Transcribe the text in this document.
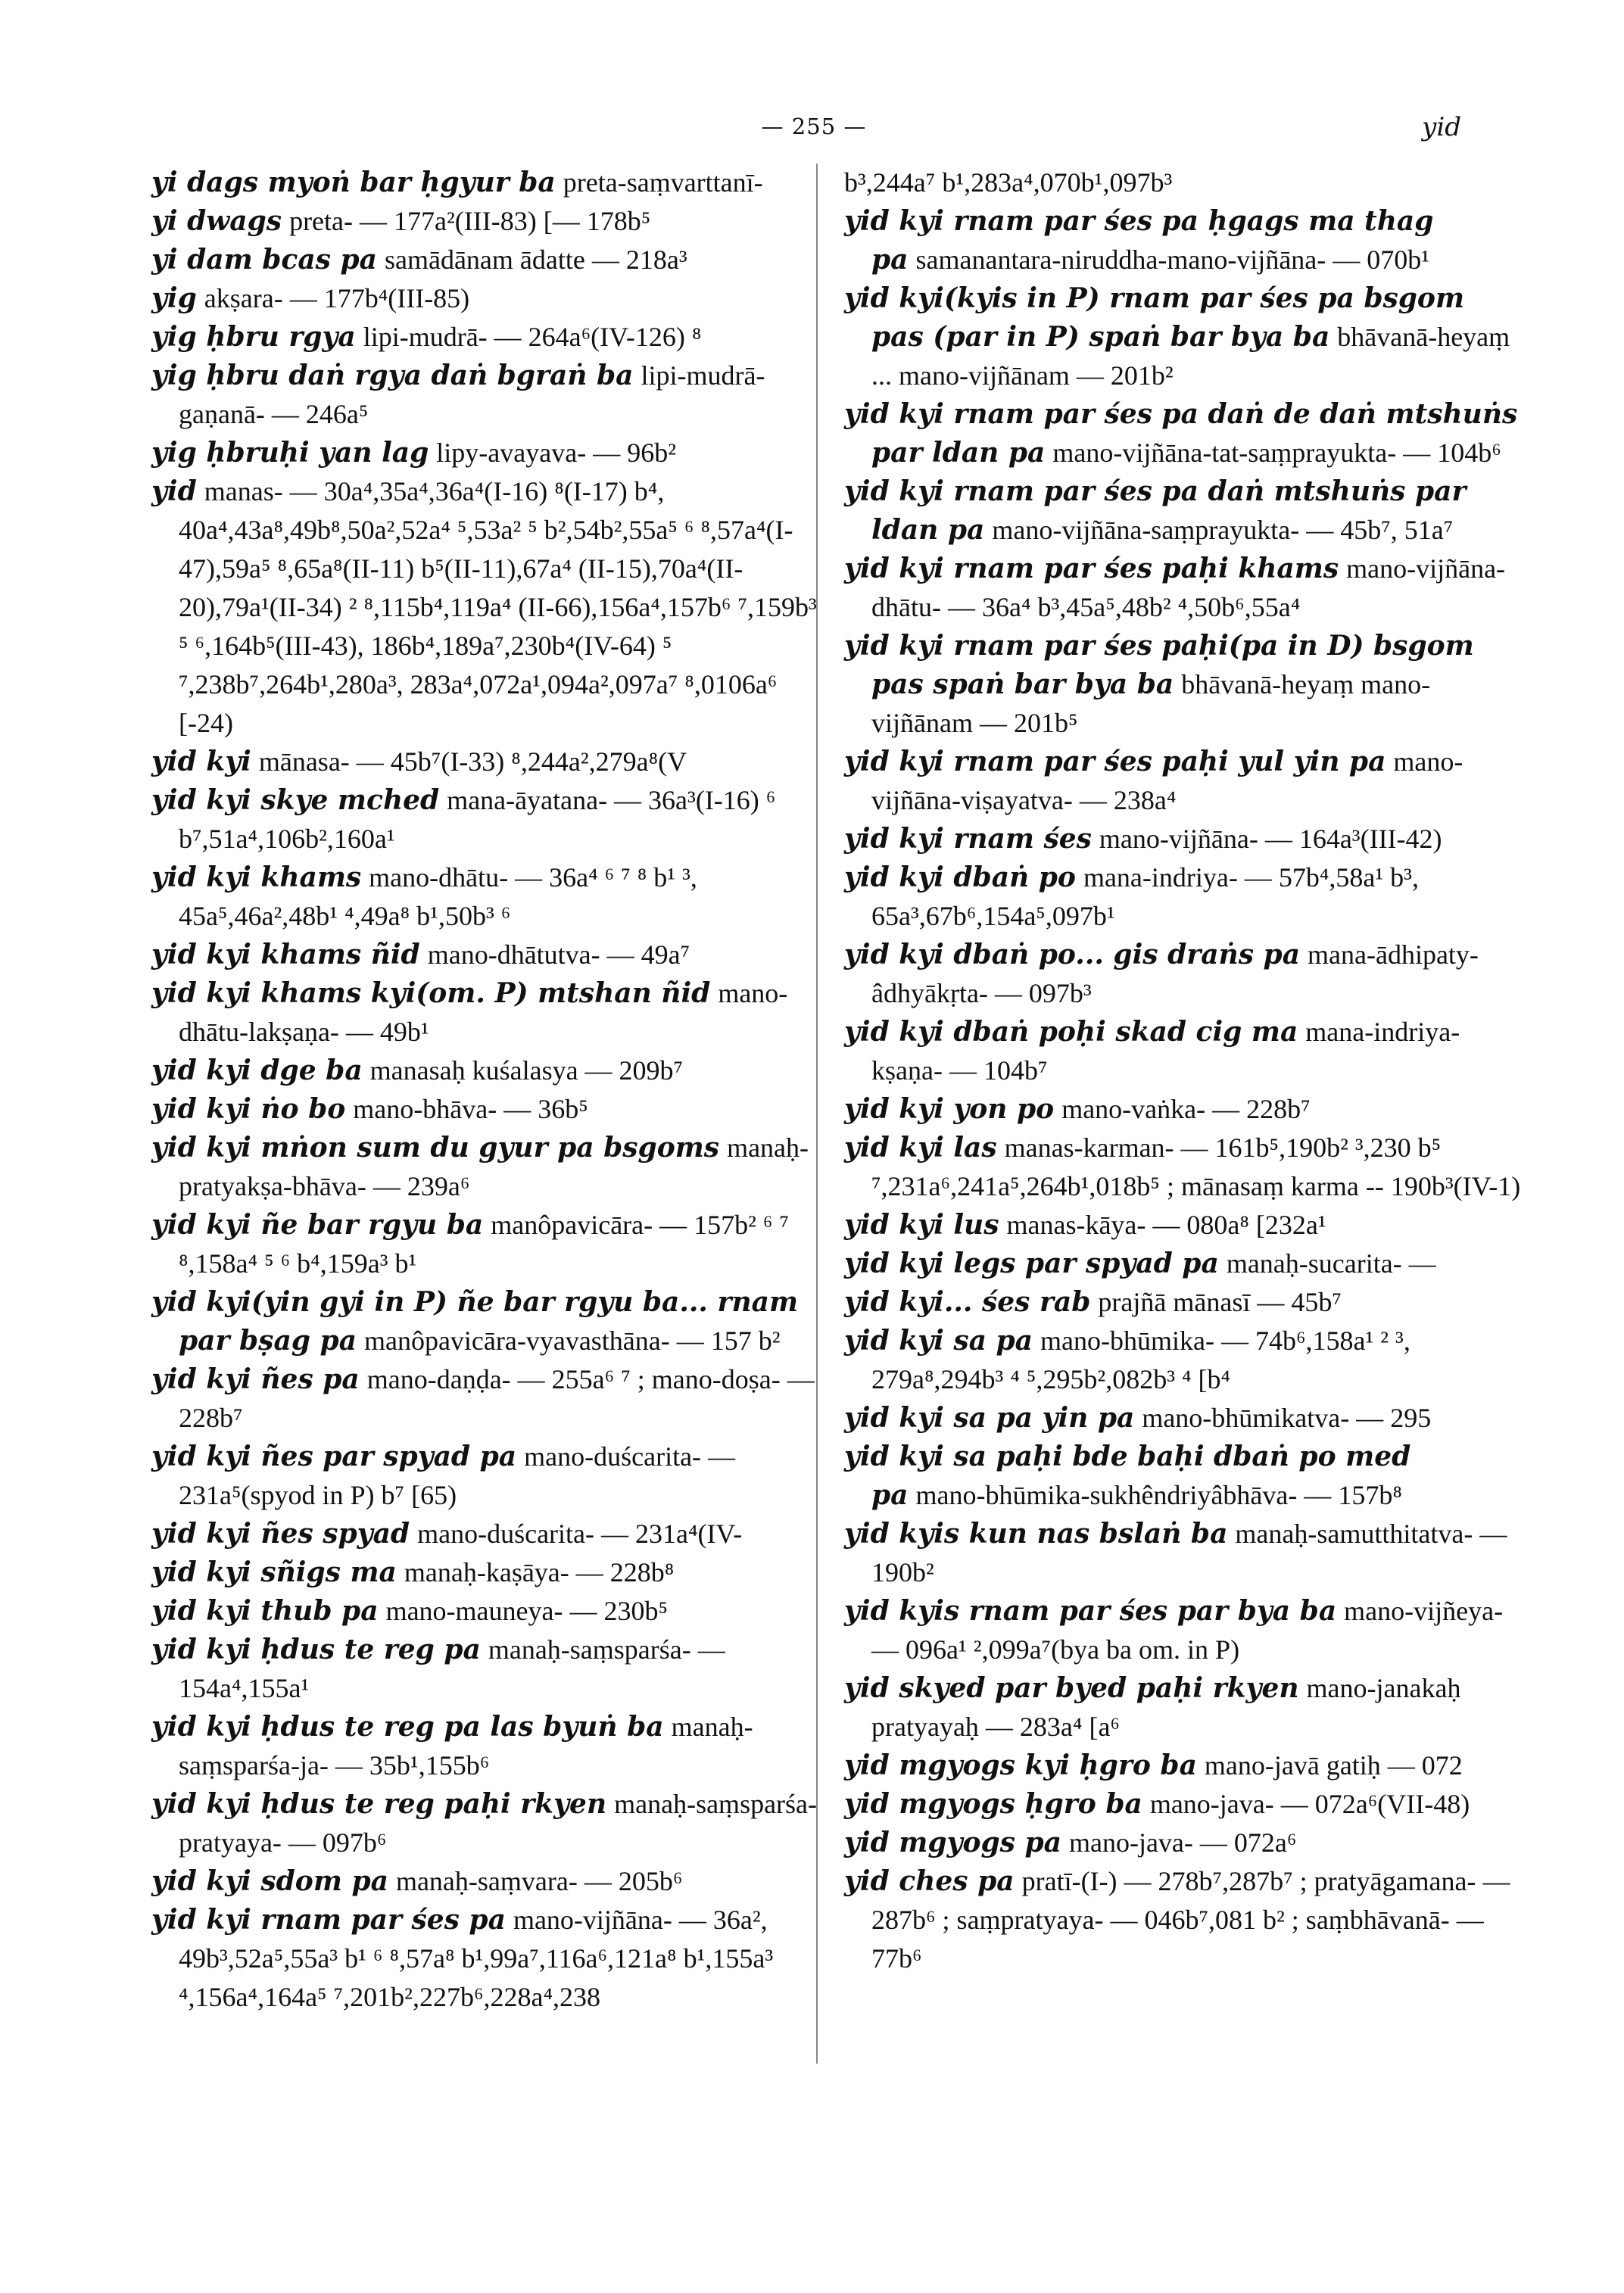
— 255 —	yid

yi dags myoṅ bar ḥgyur ba preta-saṃvarttanī-

yi dwags preta- — 177a²(III-83) [— 178b⁵

yi dam bcas pa samādānam ādatte — 218a³

yig akṣara- — 177b⁴(III-85)

yig ḥbru rgya lipi-mudrā- — 264a⁶(IV-126) ⁸

yig ḥbru daṅ rgya daṅ bgraṅ ba lipi-mudrā-gaṇanā- — 246a⁵

yig ḥbruḥi yan lag lipy-avayava- — 96b²

yid manas- — 30a⁴,35a⁴,36a⁴(I-16) ⁸(I-17) b⁴, 40a⁴,43a⁸,49b⁸,50a²,52a⁴ ⁵,53a² ⁵ b²,54b²,55a⁵ ⁶ ⁸,57a⁴(I-47),59a⁵ ⁸,65a⁸(II-11) b⁵(II-11),67a⁴ (II-15),70a⁴(II-20),79a¹(II-34) ² ⁸,115b⁴,119a⁴ (II-66),156a⁴,157b⁶ ⁷,159b³ ⁵ ⁶,164b⁵(III-43), 186b⁴,189a⁷,230b⁴(IV-64) ⁵ ⁷,238b⁷,264b¹,280a³, 283a⁴,072a¹,094a²,097a⁷ ⁸,0106a⁶ [-24)

yid kyi mānasa- — 45b⁷(I-33) ⁸,244a²,279a⁸(V

yid kyi skye mched mana-āyatana- — 36a³(I-16) ⁶ b⁷,51a⁴,106b²,160a¹

yid kyi khams mano-dhātu- — 36a⁴ ⁶ ⁷ ⁸ b¹ ³, 45a⁵,46a²,48b¹ ⁴,49a⁸ b¹,50b³ ⁶

yid kyi khams ñid mano-dhātutva- — 49a⁷

yid kyi khams kyi(om. P) mtshan ñid mano-dhātu-lakṣaṇa- — 49b¹

yid kyi dge ba manasaḥ kuśalasya — 209b⁷

yid kyi ṅo bo mano-bhāva- — 36b⁵

yid kyi mṅon sum du gyur pa bsgoms manaḥ-pratyakṣa-bhāva- — 239a⁶

yid kyi ñe bar rgyu ba manôpavicāra- — 157b² ⁶ ⁷ ⁸,158a⁴ ⁵ ⁶ b⁴,159a³ b¹

yid kyi(yin gyi in P) ñe bar rgyu ba... rnam par bṣag pa manôpavicāra-vyavasthāna- — 157 b²

yid kyi ñes pa mano-daṇḍa- — 255a⁶ ⁷ ; mano-doṣa- — 228b⁷

yid kyi ñes par spyad pa mano-duścarita- — 231a⁵(spyod in P) b⁷ [65)

yid kyi ñes spyad mano-duścarita- — 231a⁴(IV-

yid kyi sñigs ma manaḥ-kaṣāya- — 228b⁸

yid kyi thub pa mano-mauneya- — 230b⁵

yid kyi ḥdus te reg pa manaḥ-saṃsparśa- — 154a⁴,155a¹

yid kyi ḥdus te reg pa las byuṅ ba manaḥ-saṃsparśa-ja- — 35b¹,155b⁶

yid kyi ḥdus te reg paḥi rkyen manaḥ-saṃsparśa-pratyaya- — 097b⁶

yid kyi sdom pa manaḥ-saṃvara- — 205b⁶

yid kyi rnam par śes pa mano-vijñāna- — 36a², 49b³,52a⁵,55a³ b¹ ⁶ ⁸,57a⁸ b¹,99a⁷,116a⁶,121a⁸ b¹,155a³ ⁴,156a⁴,164a⁵ ⁷,201b²,227b⁶,228a⁴,238

b³,244a⁷ b¹,283a⁴,070b¹,097b³

yid kyi rnam par śes pa ḥgags ma thag pa samanantara-niruddha-mano-vijñāna- — 070b¹

yid kyi(kyis in P) rnam par śes pa bsgom pas (par in P) spaṅ bar bya ba bhāvanā-heyaṃ ... mano-vijñānam — 201b²

yid kyi rnam par śes pa daṅ de daṅ mtshuṅs par ldan pa mano-vijñāna-tat-saṃprayukta- — 104b⁶

yid kyi rnam par śes pa daṅ mtshuṅs par ldan pa mano-vijñāna-saṃprayukta- — 45b⁷, 51a⁷

yid kyi rnam par śes paḥi khams mano-vijñāna-dhātu- — 36a⁴ b³,45a⁵,48b² ⁴,50b⁶,55a⁴

yid kyi rnam par śes paḥi(pa in D) bsgom pas spaṅ bar bya ba bhāvanā-heyaṃ mano-vijñānam — 201b⁵

yid kyi rnam par śes paḥi yul yin pa mano-vijñāna-viṣayatva- — 238a⁴

yid kyi rnam śes mano-vijñāna- — 164a³(III-42)

yid kyi dbaṅ po mana-indriya- — 57b⁴,58a¹ b³, 65a³,67b⁶,154a⁵,097b¹

yid kyi dbaṅ po... gis draṅs pa mana-ādhipaty-âdhyākṛta- — 097b³

yid kyi dbaṅ poḥi skad cig ma mana-indriya-kṣaṇa- — 104b⁷

yid kyi yon po mano-vaṅka- — 228b⁷

yid kyi las manas-karman- — 161b⁵,190b² ³,230 b⁵ ⁷,231a⁶,241a⁵,264b¹,018b⁵ ; mānasaṃ karma -- 190b³(IV-1)

yid kyi lus manas-kāya- — 080a⁸ [232a¹

yid kyi legs par spyad pa manaḥ-sucarita- —

yid kyi... śes rab prajñā mānasī — 45b⁷

yid kyi sa pa mano-bhūmika- — 74b⁶,158a¹ ² ³, 279a⁸,294b³ ⁴ ⁵,295b²,082b³ ⁴ [b⁴

yid kyi sa pa yin pa mano-bhūmikatva- — 295

yid kyi sa paḥi bde baḥi dbaṅ po med pa mano-bhūmika-sukhêndriyâbhāva- — 157b⁸

yid kyis kun nas bslaṅ ba manaḥ-samutthitatva- — 190b²

yid kyis rnam par śes par bya ba mano-vijñeya- — 096a¹ ²,099a⁷(bya ba om. in P)

yid skyed par byed paḥi rkyen mano-janakaḥ pratyayaḥ — 283a⁴ [a⁶

yid mgyogs kyi ḥgro ba mano-javā gatiḥ — 072

yid mgyogs ḥgro ba mano-java- — 072a⁶(VII-48)

yid mgyogs pa mano-java- — 072a⁶

yid ches pa pratī-(I-) — 278b⁷,287b⁷ ; pratyāgamana- — 287b⁶ ; saṃpratyaya- — 046b⁷,081 b² ; saṃbhāvanā- — 77b⁶
